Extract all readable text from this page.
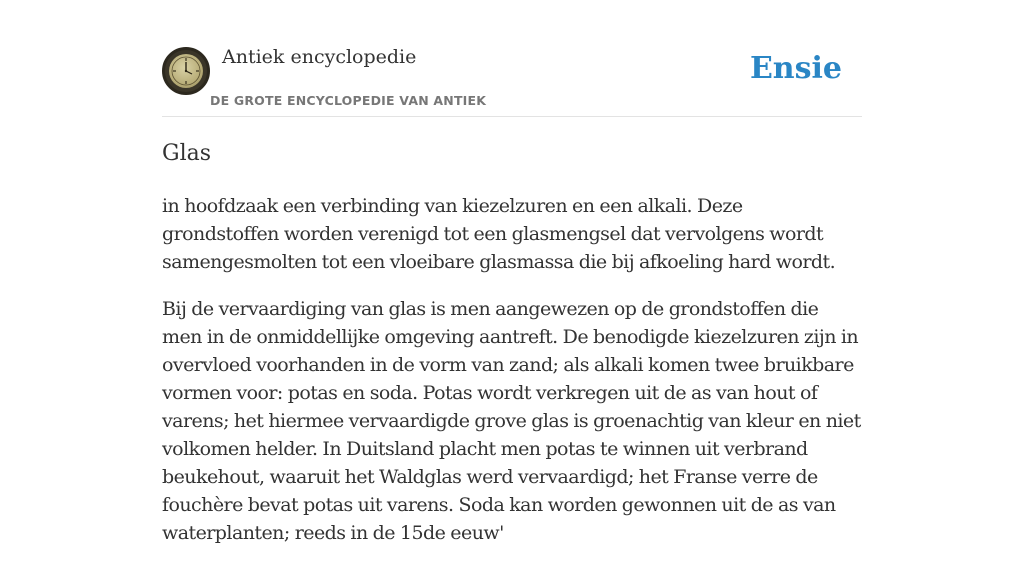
Antiek encyclopedie
DE GROTE ENCYCLOPEDIE VAN ANTIEK
Ensie
Glas

in hoofdzaak een verbinding van kiezelzuren en een alkali. Deze grondstoffen worden verenigd tot een glasmengsel dat vervolgens wordt samengesmolten tot een vloeibare glasmassa die bij afkoeling hard wordt.

Bij de vervaardiging van glas is men aangewezen op de grondstoffen die men in de onmiddellijke omgeving aantreft. De benodigde kiezelzuren zijn in overvloed voorhanden in de vorm van zand; als alkali komen twee bruikbare vormen voor: potas en soda. Potas wordt verkregen uit de as van hout of varens; het hiermee vervaardigde grove glas is groenachtig van kleur en niet volkomen helder. In Duitsland placht men potas te winnen uit verbrand beukehout, waaruit het Waldglas werd vervaardigd; het Franse verre de fouchère bevat potas uit varens. Soda kan worden gewonnen uit de as van waterplanten; reeds in de 15de eeuw'
